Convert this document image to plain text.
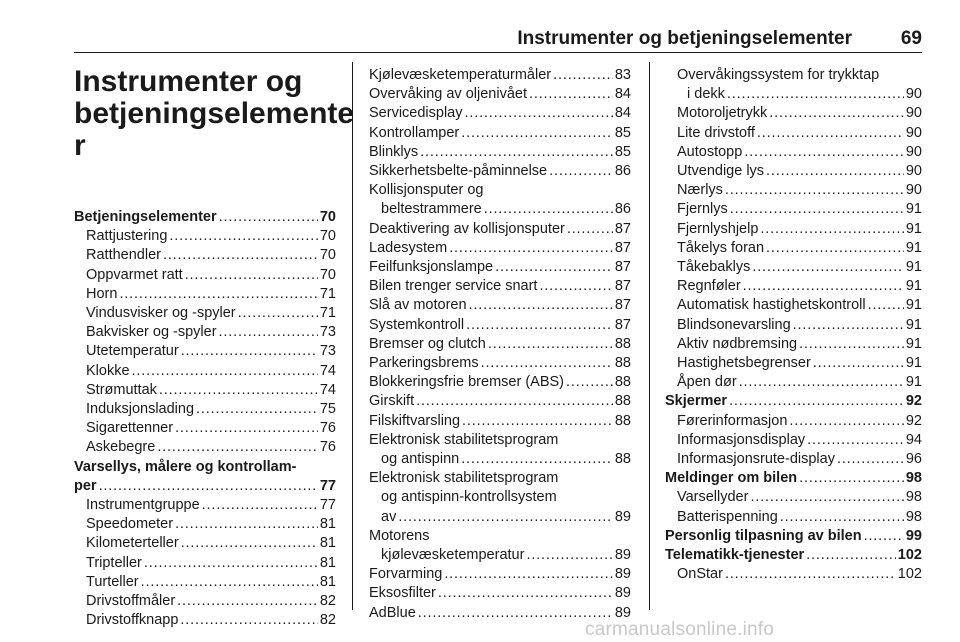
Instrumenter og betjeningselementer	69
Instrumenter og betjeningselemente r
Betjeningselementer . . .	70
Rattjustering . . .	70
Ratthendler . . .	70
Oppvarmet ratt . . .	70
Horn . . .	71
Vindusvisker og -spyler . . .	71
Bakvisker og -spyler . . .	73
Utetemperatur . . .	73
Klokke . . .	74
Strømuttak . . .	74
Induksjonslading . . .	75
Sigarettenner . . .	76
Askebegre . . .	76
Varsellys, målere og kontrollam-
per . . .	77
Instrumentgruppe . . .	77
Speedometer . . .	81
Kilometerteller . . .	81
Tripteller . . .	81
Turteller . . .	81
Drivstoffmåler . . .	82
Drivstoffknapp . . .	82
Kjølevæsketemperaturmåler . . .	83
Overvåking av oljenivået . . .	84
Servicedisplay . . .	84
Kontrollamper . . .	85
Blinklys . . .	85
Sikkerhetsbelte-påminnelse . . .	86
Kollisjonsputer og
beltestrammere . . .	86
Deaktivering av kollisjonsputer . . .	87
Ladesystem . . .	87
Feilfunksjonslampe . . .	87
Bilen trenger service snart . . .	87
Slå av motoren . . .	87
Systemkontroll . . .	87
Bremser og clutch . . .	88
Parkeringsbrems . . .	88
Blokkeringsfrie bremser (ABS) . . .	88
Girskift . . .	88
Filskiftvarsling . . .	88
Elektronisk stabilitetsprogram
og antispinn . . .	88
Elektronisk stabilitetsprogram
og antispinn-kontrollsystem
av . . .	89
Motorens
kjølevæsketemperatur . . .	89
Forvarming . . .	89
Eksosfilter . . .	89
AdBlue . . .	89
Overvåkingssystem for trykktap
i dekk . . .	90
Motoroljetrykk . . .	90
Lite drivstoff . . .	90
Autostopp . . .	90
Utvendige lys . . .	90
Nærlys . . .	90
Fjernlys . . .	91
Fjernlyshjelp . . .	91
Tåkelys foran . . .	91
Tåkebaklys . . .	91
Regnføler . . .	91
Automatisk hastighetskontroll . . .	91
Blindsonevarsling . . .	91
Aktiv nødbremsing . . .	91
Hastighetsbegrenser . . .	91
Åpen dør . . .	91
Skjermer . . .	92
Førerinformasjon . . .	92
Informasjonsdisplay . . .	94
Informasjonsrute-display . . .	96
Meldinger om bilen . . .	98
Varsellyder . . .	98
Batterispenning . . .	98
Personlig tilpasning av bilen . . .	99
Telematikk-tjenester . . .	102
OnStar . . .	102
carmanualsonline.info
